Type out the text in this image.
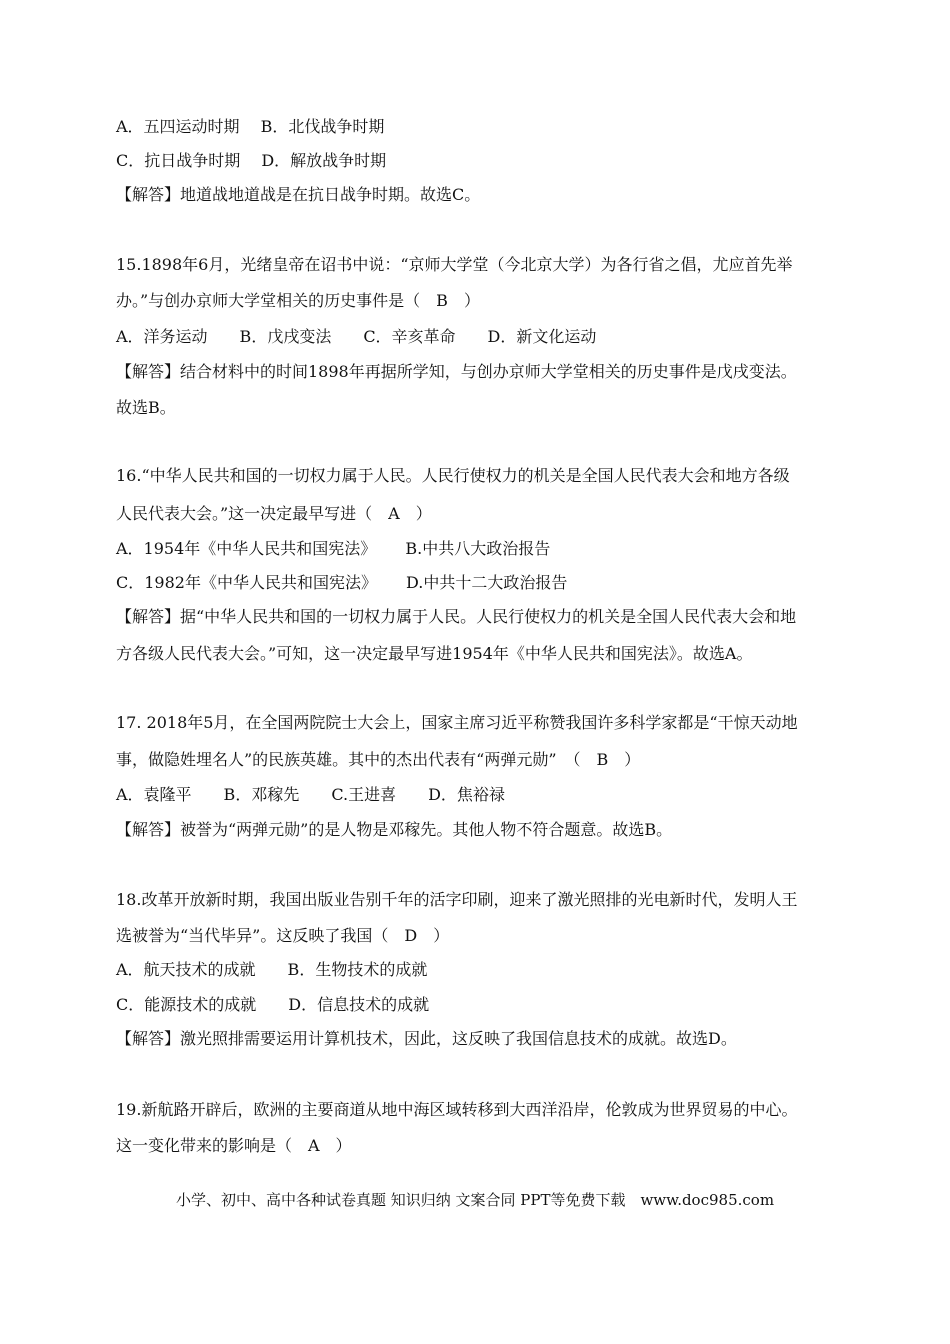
A．五四运动时期　 B．北伐战争时期
C．抗日战争时期　 D．解放战争时期
【解答】地道战地道战是在抗日战争时期。故选C。
15.1898年6月，光绪皇帝在诏书中说：“京师大学堂（今北京大学）为各行省之倡，尤应首先举
办。”与创办京师大学堂相关的历史事件是（　B　）
A．洋务运动　　B．戊戌变法　　C．辛亥革命　　D．新文化运动
【解答】结合材料中的时间1898年再据所学知，与创办京师大学堂相关的历史事件是戊戌变法。
故选B。
16.“中华人民共和国的一切权力属于人民。人民行使权力的机关是全国人民代表大会和地方各级
人民代表大会。”这一决定最早写进（　A　）
A．1954年《中华人民共和国宪法》　　 B.中共八大政治报告
C．1982年《中华人民共和国宪法》　　 D.中共十二大政治报告
【解答】据“中华人民共和国的一切权力属于人民。人民行使权力的机关是全国人民代表大会和地
方各级人民代表大会。”可知，这一决定最早写进1954年《中华人民共和国宪法》。故选A。
17. 2018年5月，在全国两院院士大会上，国家主席习近平称赞我国许多科学家都是“干惊天动地
事，做隐姓埋名人”的民族英雄。其中的杰出代表有“两弹元勋”　（　B　）
A．袁隆平　　B．邓稼先　　C.王进喜　　D．焦裕禄
【解答】被誉为“两弹元勋”的是人物是邓稼先。其他人物不符合题意。故选B。
18.改革开放新时期，我国出版业告别千年的活字印刷，迎来了激光照排的光电新时代，发明人王
选被誉为“当代毕异”。这反映了我国（　D　）
A．航天技术的成就　　B．生物技术的成就
C．能源技术的成就　　D．信息技术的成就
【解答】激光照排需要运用计算机技术，因此，这反映了我国信息技术的成就。故选D。
19.新航路开辟后，欧洲的主要商道从地中海区域转移到大西洋沿岸，伦敦成为世界贸易的中心。
这一变化带来的影响是（　A　）
小学、初中、高中各种试卷真题 知识归纳 文案合同 PPT等免费下载　www.doc985.com
